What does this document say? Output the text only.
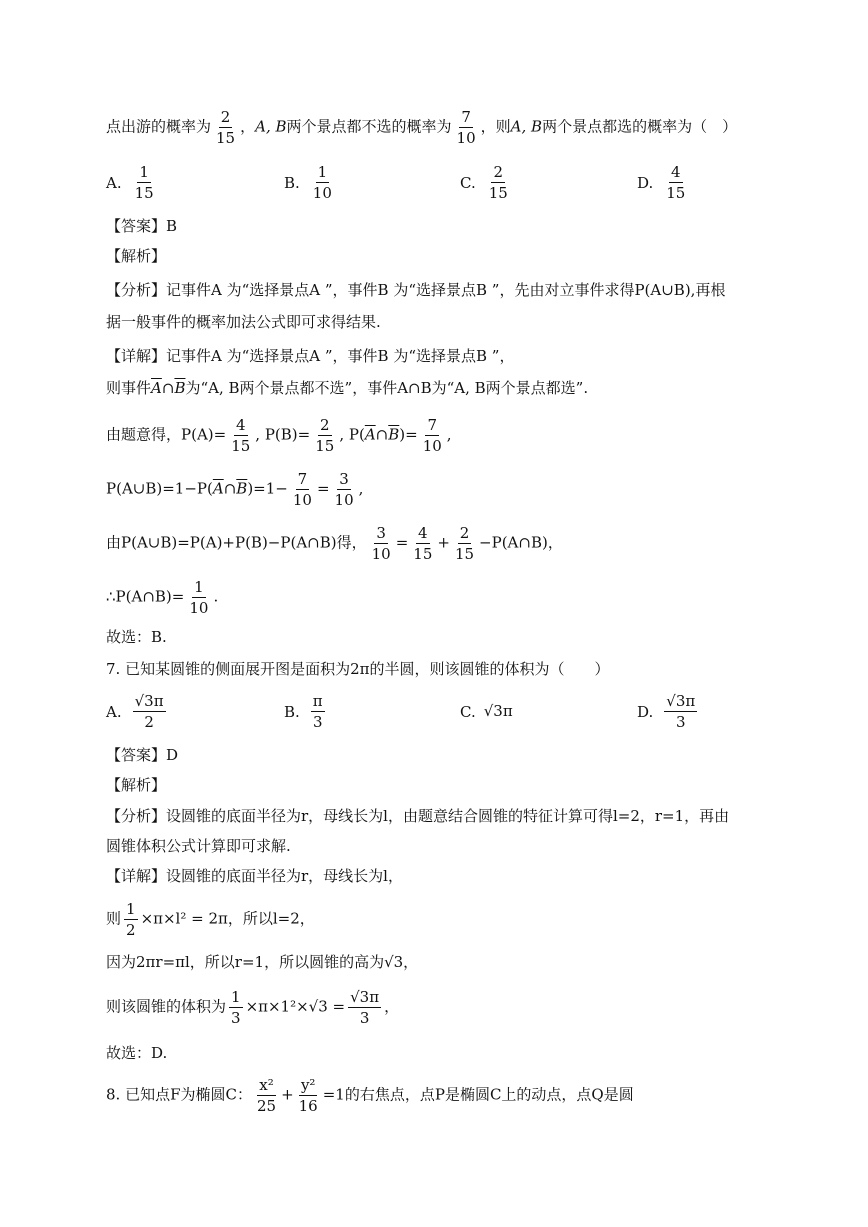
点出游的概率为 $\frac{2}{15}$ ，A, B两个景点都不选的概率为 $\frac{7}{10}$ ，则A, B两个景点都选的概率为（　）
A. $\frac{1}{15}$	B. $\frac{1}{10}$	C. $\frac{2}{15}$	D. $\frac{4}{15}$
【答案】B
【解析】
【分析】记事件A 为“选择景点A ”，事件B 为“选择景点B ”，先由对立事件求得P(A∪B),再根
据一般事件的概率加法公式即可求得结果.
【详解】记事件A 为“选择景点A ”，事件B 为“选择景点B ”，
则事件$\overline{A}\cap\overline{B}$为“A, B两个景点都不选”，事件A∩B为“A, B两个景点都选”.
由题意得，$P(A)= \frac{4}{15}$ , $P(B)= \frac{2}{15}$ , $P(\overline{A}\cap\overline{B})= \frac{7}{10}$ ,
$P(A\cup B)=1-P(\overline{A}\cap\overline{B})=1- \frac{7}{10} = \frac{3}{10}$ ,
由P(A∪B)=P(A)+P(B)−P(A∩B)得， $\frac{3}{10} = \frac{4}{15} + \frac{2}{15}$ −P(A∩B)，
∴P(A∩B)= $\frac{1}{10}$ .
故选：B.
7. 已知某圆锥的侧面展开图是面积为2π的半圆，则该圆锥的体积为（　　）
A. $\frac{√3\pi}{2}$	B. $\frac{\pi}{3}$	C. √3π	D. $\frac{√3\pi}{3}$
【答案】D
【解析】
【分析】设圆锥的底面半径为r，母线长为l，由题意结合圆锥的特征计算可得l=2，r=1，再由
圆锥体积公式计算即可求解.
【详解】设圆锥的底面半径为r，母线长为l，
则 $\frac{1}{2} \times\pi\times l^2 = 2\pi$，所以l=2，
因为2πr=πl，所以r=1，所以圆锥的高为√3，
则该圆锥的体积为 $\frac{1}{3} \times\pi\times 1^2\times√3 = \frac{√3\pi}{3}$ ，
故选：D.
8. 已知点F为椭圆C： $\frac{\text{x²}}{25} + \frac{\text{y²}}{16} =1$的右焦点，点P是椭圆C上的动点，点Q是圆
